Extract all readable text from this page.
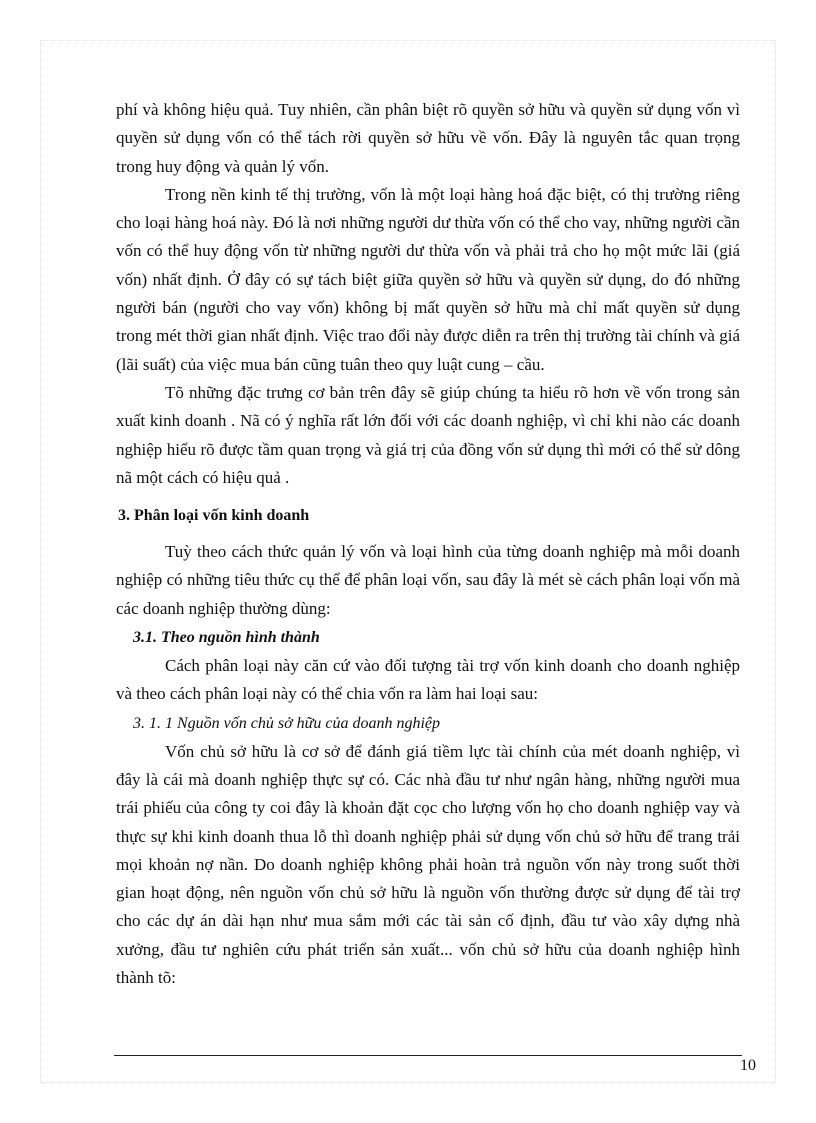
phí và không hiệu quả. Tuy nhiên, cần phân biệt rõ quyền sở hữu và quyền sử dụng vốn vì quyền sử dụng vốn có thể tách rời quyền sở hữu về vốn. Đây là nguyên tắc quan trọng trong huy động và quản lý vốn.

Trong nền kinh tế thị trường, vốn là một loại hàng hoá đặc biệt, có thị trường riêng cho loại hàng hoá này. Đó là nơi những người dư thừa vốn có thể cho vay, những người cần vốn có thể huy động vốn từ những người dư thừa vốn và phải trả cho họ một mức lãi (giá vốn) nhất định. Ở đây có sự tách biệt giữa quyền sở hữu và quyền sử dụng, do đó những người bán (người cho vay vốn) không bị mất quyền sở hữu mà chỉ mất quyền sử dụng trong mét thời gian nhất định. Việc trao đổi này được diễn ra trên thị trường tài chính và giá (lãi suất) của việc mua bán cũng tuân theo quy luật cung – cầu.

Tõ những đặc trưng cơ bản trên đây sẽ giúp chúng ta hiểu rõ hơn về vốn trong sản xuất kinh doanh . Nã có ý nghĩa rất lớn đối với các doanh nghiệp, vì chỉ khi nào các doanh nghiệp hiểu rõ được tầm quan trọng và giá trị của đồng vốn sử dụng thì mới có thể sử dông nã một cách có hiệu quả .

3. Phân loại vốn kinh doanh

Tuỳ theo cách thức quản lý vốn và loại hình của từng doanh nghiệp mà mỗi doanh nghiệp có những tiêu thức cụ thể để phân loại vốn, sau đây là mét sè cách phân loại vốn mà các doanh nghiệp thường dùng:

3.1. Theo nguồn hình thành

Cách phân loại này căn cứ vào đối tượng tài trợ vốn kinh doanh cho doanh nghiệp và theo cách phân loại này có thể chia vốn ra làm hai loại sau:

3. 1. 1 Nguồn vốn chủ sở hữu của doanh nghiệp

Vốn chủ sở hữu là cơ sở để đánh giá tiềm lực tài chính của mét doanh nghiệp, vì đây là cái mà doanh nghiệp thực sự có. Các nhà đầu tư như ngân hàng, những người mua trái phiếu của công ty coi đây là khoản đặt cọc cho lượng vốn họ cho doanh nghiệp vay và thực sự khi kinh doanh thua lỗ thì doanh nghiệp phải sử dụng vốn chủ sở hữu để trang trải mọi khoản nợ nần. Do doanh nghiệp không phải hoàn trả nguồn vốn này trong suốt thời gian hoạt động, nên nguồn vốn chủ sở hữu là nguồn vốn thường được sử dụng để tài trợ cho các dự án dài hạn như mua sắm mới các tài sản cố định, đầu tư vào xây dựng nhà xưởng, đầu tư nghiên cứu phát triển sản xuất... vốn chủ sở hữu của doanh nghiệp hình thành tõ:

10
